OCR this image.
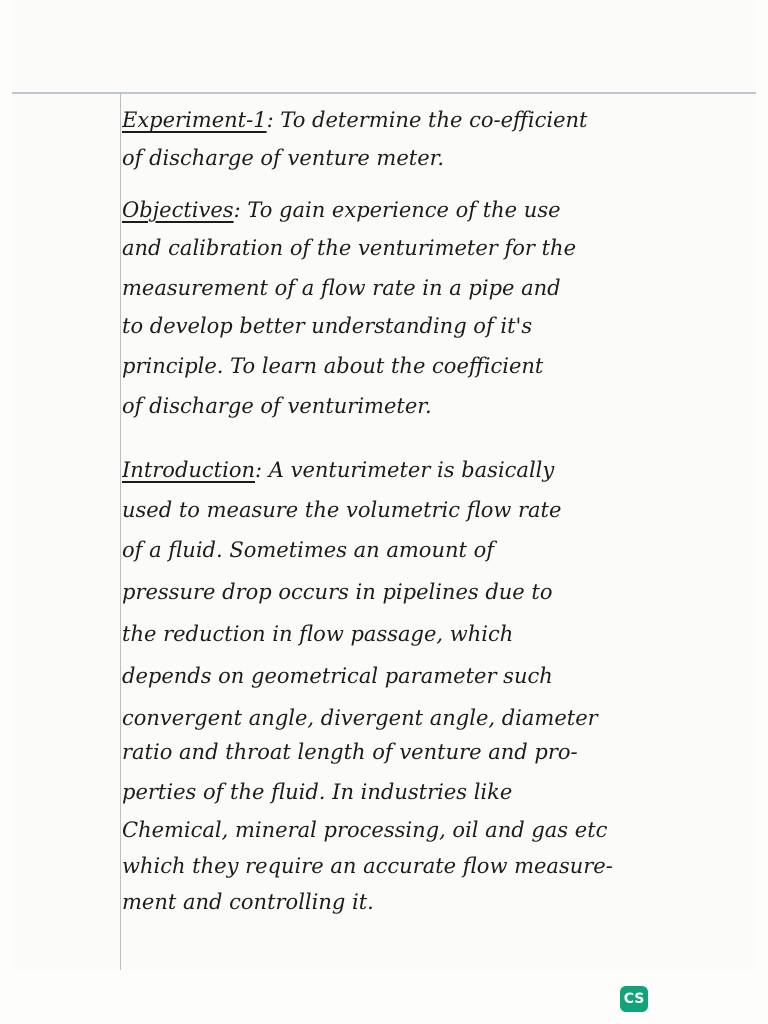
Experiment-1: To determine the co-efficient
of discharge of venture meter.
Objectives: To gain experience of the use
and calibration of the venturimeter for the
measurement of a flow rate in a pipe and
to develop better understanding of it's
principle. To learn about the coefficient
of discharge of venturimeter.
Introduction: A venturimeter is basically
used to measure the volumetric flow rate
of a fluid. Sometimes an amount of
pressure drop occurs in pipelines due to
the reduction in flow passage, which
depends on geometrical parameter such
convergent angle, divergent angle, diameter
ratio and throat length of venture and pro-
perties of the fluid. In industries like
Chemical, mineral processing, oil and gas etc
which they require an accurate flow measure-
ment and controlling it.
CS
